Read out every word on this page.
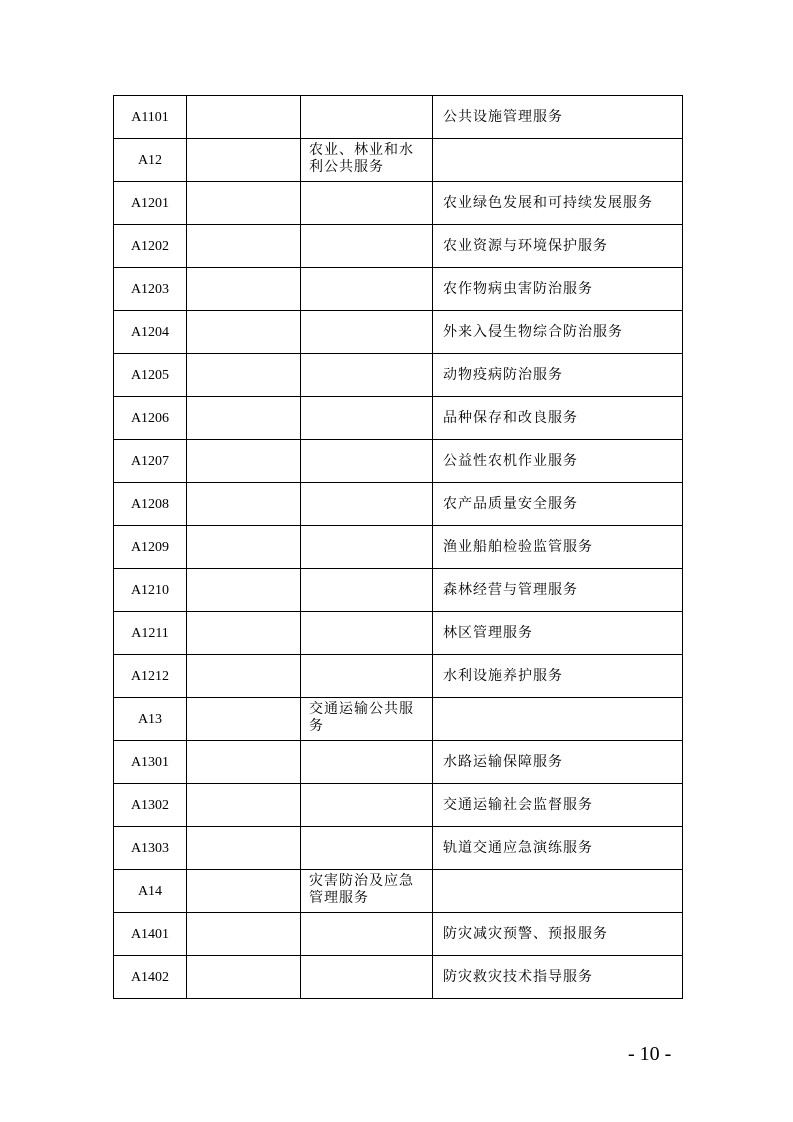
A1101			公共设施管理服务
A12		农业、林业和水利公共服务	
A1201			农业绿色发展和可持续发展服务
A1202			农业资源与环境保护服务
A1203			农作物病虫害防治服务
A1204			外来入侵生物综合防治服务
A1205			动物疫病防治服务
A1206			品种保存和改良服务
A1207			公益性农机作业服务
A1208			农产品质量安全服务
A1209			渔业船舶检验监管服务
A1210			森林经营与管理服务
A1211			林区管理服务
A1212			水利设施养护服务
A13		交通运输公共服务	
A1301			水路运输保障服务
A1302			交通运输社会监督服务
A1303			轨道交通应急演练服务
A14		灾害防治及应急管理服务	
A1401			防灾减灾预警、预报服务
A1402			防灾救灾技术指导服务
- 10 -
